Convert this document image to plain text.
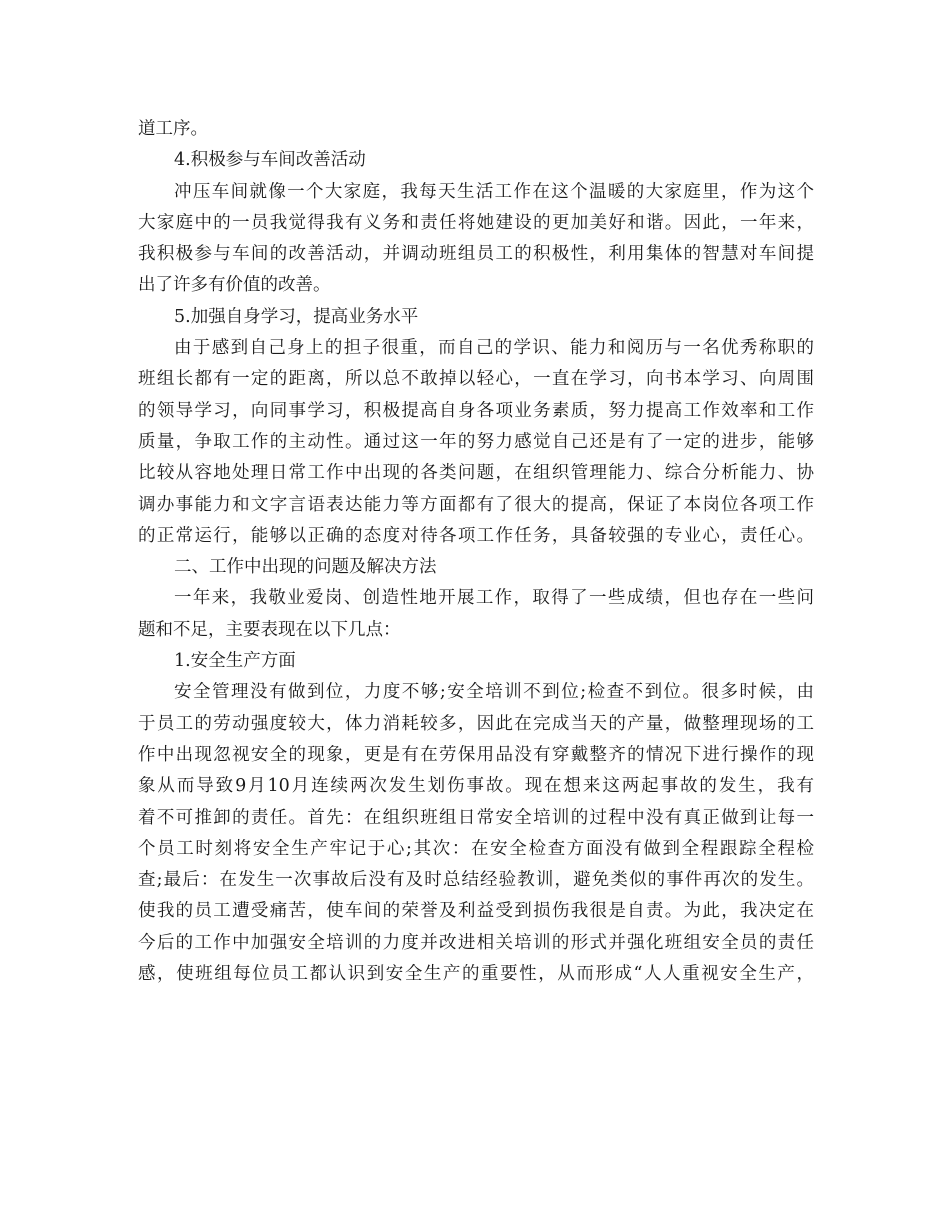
道工序。
4.积极参与车间改善活动
冲压车间就像一个大家庭，我每天生活工作在这个温暖的大家庭里，作为这个
大家庭中的一员我觉得我有义务和责任将她建设的更加美好和谐。因此，一年来，
我积极参与车间的改善活动，并调动班组员工的积极性，利用集体的智慧对车间提
出了许多有价值的改善。
5.加强自身学习，提高业务水平
由于感到自己身上的担子很重，而自己的学识、能力和阅历与一名优秀称职的
班组长都有一定的距离，所以总不敢掉以轻心，一直在学习，向书本学习、向周围
的领导学习，向同事学习，积极提高自身各项业务素质，努力提高工作效率和工作
质量，争取工作的主动性。通过这一年的努力感觉自己还是有了一定的进步，能够
比较从容地处理日常工作中出现的各类问题，在组织管理能力、综合分析能力、协
调办事能力和文字言语表达能力等方面都有了很大的提高，保证了本岗位各项工作
的正常运行，能够以正确的态度对待各项工作任务，具备较强的专业心，责任心。
二、工作中出现的问题及解决方法
一年来，我敬业爱岗、创造性地开展工作，取得了一些成绩，但也存在一些问
题和不足，主要表现在以下几点：
1.安全生产方面
安全管理没有做到位，力度不够;安全培训不到位;检查不到位。很多时候，由
于员工的劳动强度较大，体力消耗较多，因此在完成当天的产量，做整理现场的工
作中出现忽视安全的现象，更是有在劳保用品没有穿戴整齐的情况下进行操作的现
象从而导致9月10月连续两次发生划伤事故。现在想来这两起事故的发生，我有
着不可推卸的责任。首先：在组织班组日常安全培训的过程中没有真正做到让每一
个员工时刻将安全生产牢记于心;其次：在安全检查方面没有做到全程跟踪全程检
查;最后：在发生一次事故后没有及时总结经验教训，避免类似的事件再次的发生。
使我的员工遭受痛苦，使车间的荣誉及利益受到损伤我很是自责。为此，我决定在
今后的工作中加强安全培训的力度并改进相关培训的形式并强化班组安全员的责任
感，使班组每位员工都认识到安全生产的重要性，从而形成“人人重视安全生产，
